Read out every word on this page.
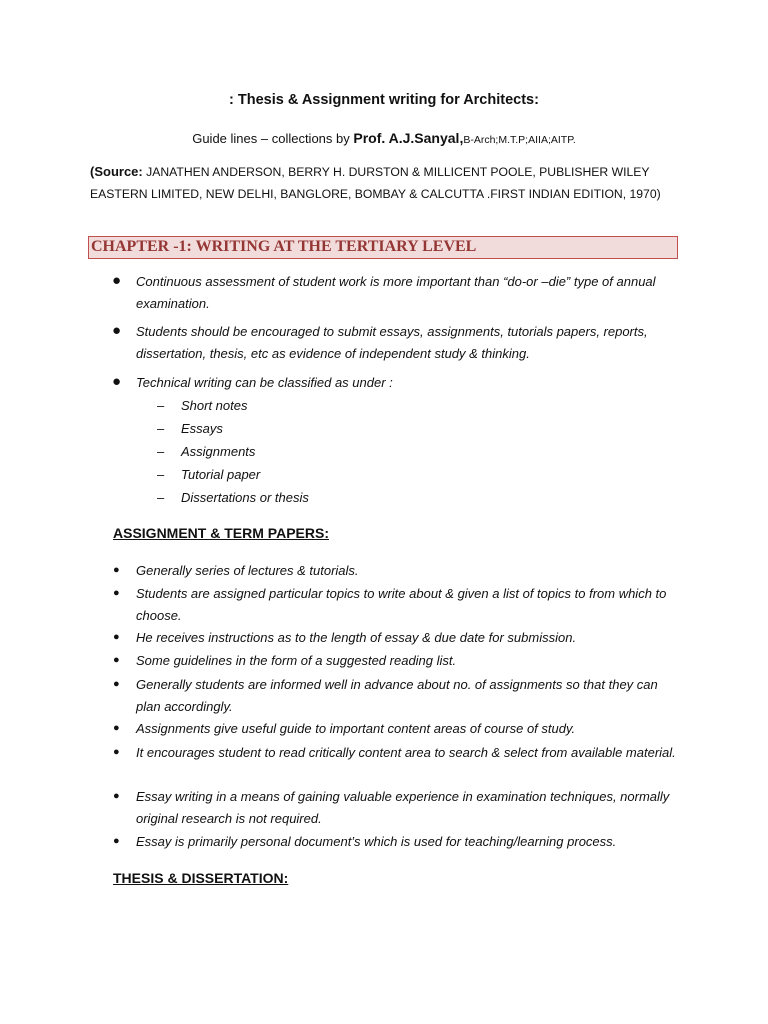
: Thesis & Assignment writing for Architects:
Guide lines – collections by Prof. A.J.Sanyal,B-Arch;M.T.P;AIIA;AITP.
(Source: JANATHEN ANDERSON, BERRY H. DURSTON & MILLICENT POOLE, PUBLISHER WILEY EASTERN LIMITED, NEW DELHI, BANGLORE, BOMBAY & CALCUTTA .FIRST INDIAN EDITION, 1970)
CHAPTER -1: WRITING AT THE TERTIARY LEVEL
● Continuous assessment of student work is more important than “do-or –die” type of annual examination.
● Students should be encouraged to submit essays, assignments, tutorials papers, reports, dissertation, thesis, etc as evidence of independent study & thinking.
● Technical writing can be classified as under :
– Short notes
– Essays
– Assignments
– Tutorial paper
– Dissertations or thesis
ASSIGNMENT & TERM PAPERS:
● Generally series of lectures & tutorials.
● Students are assigned particular topics to write about & given a list of topics to from which to choose.
● He receives instructions as to the length of essay & due date for submission.
● Some guidelines in the form of a suggested reading list.
● Generally students are informed well in advance about no. of assignments so that they can plan accordingly.
● Assignments give useful guide to important content areas of course of study.
● It encourages student to read critically content area to search & select from available material.
● Essay writing in a means of gaining valuable experience in examination techniques, normally original research is not required.
● Essay is primarily personal document’s which is used for teaching/learning process.
THESIS & DISSERTATION:
